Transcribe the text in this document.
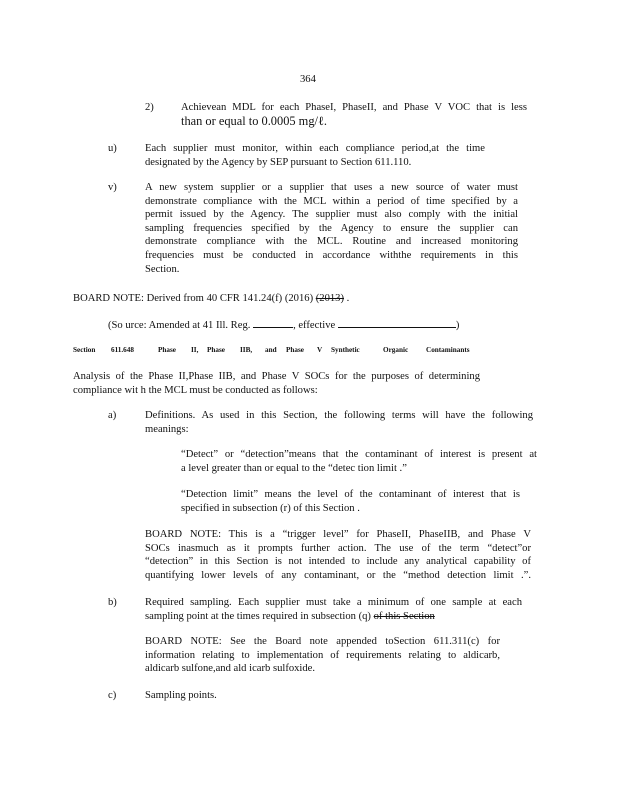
364
2)	Achievean MDL for each PhaseI, PhaseII, and Phase V VOC that is less
than or equal to 0.0005 mg/ℓ.
u)	Each supplier must monitor, within each compliance period,at the time
designated by the Agency by SEP pursuant to Section 611.110.
v)	A new system supplier or a supplier that uses a new source of water must
demonstrate compliance with the MCL within a period of time specified by a
permit issued by the Agency. The supplier must also comply with the initial
sampling frequencies specified by the Agency to ensure the supplier can
demonstrate compliance with the MCL. Routine and increased monitoring
frequencies must be conducted in accordance withthe requirements in this
Section.
BOARD NOTE: Derived from 40 CFR 141.24(f) (2016) (2013) .
(So urce: Amended at 41 Ill. Reg.	, effective	)
Section 611.648	Phase II, Phase IIB, and Phase V Synthetic	Organic Contaminants
Analysis of the Phase II,Phase IIB, and Phase V SOCs for the purposes of determining
compliance wit h the MCL must be conducted as follows:
a)	Definitions. As used in this Section, the following terms will have the following
meanings:
“Detect” or “detection”means that the contaminant of interest is present at
a level greater than or equal to the “detec tion limit .”
“Detection limit” means the level of the contaminant of interest that is
specified in subsection (r) of this Section .
BOARD NOTE: This is a “trigger level” for PhaseII, PhaseIIB, and Phase V
SOCs inasmuch as it prompts further action. The use of the term “detect”or
“detection” in this Section is not intended to include any analytical capability of
quantifying lower levels of any contaminant, or the “method detection limit .”.
b)	Required sampling. Each supplier must take a minimum of one sample at each
sampling point at the times required in subsection (q) of this Section
BOARD NOTE: See the Board note appended toSection 611.311(c) for
information relating to implementation of requirements relating to aldicarb,
aldicarb sulfone,and ald icarb sulfoxide.
c)	Sampling points.
